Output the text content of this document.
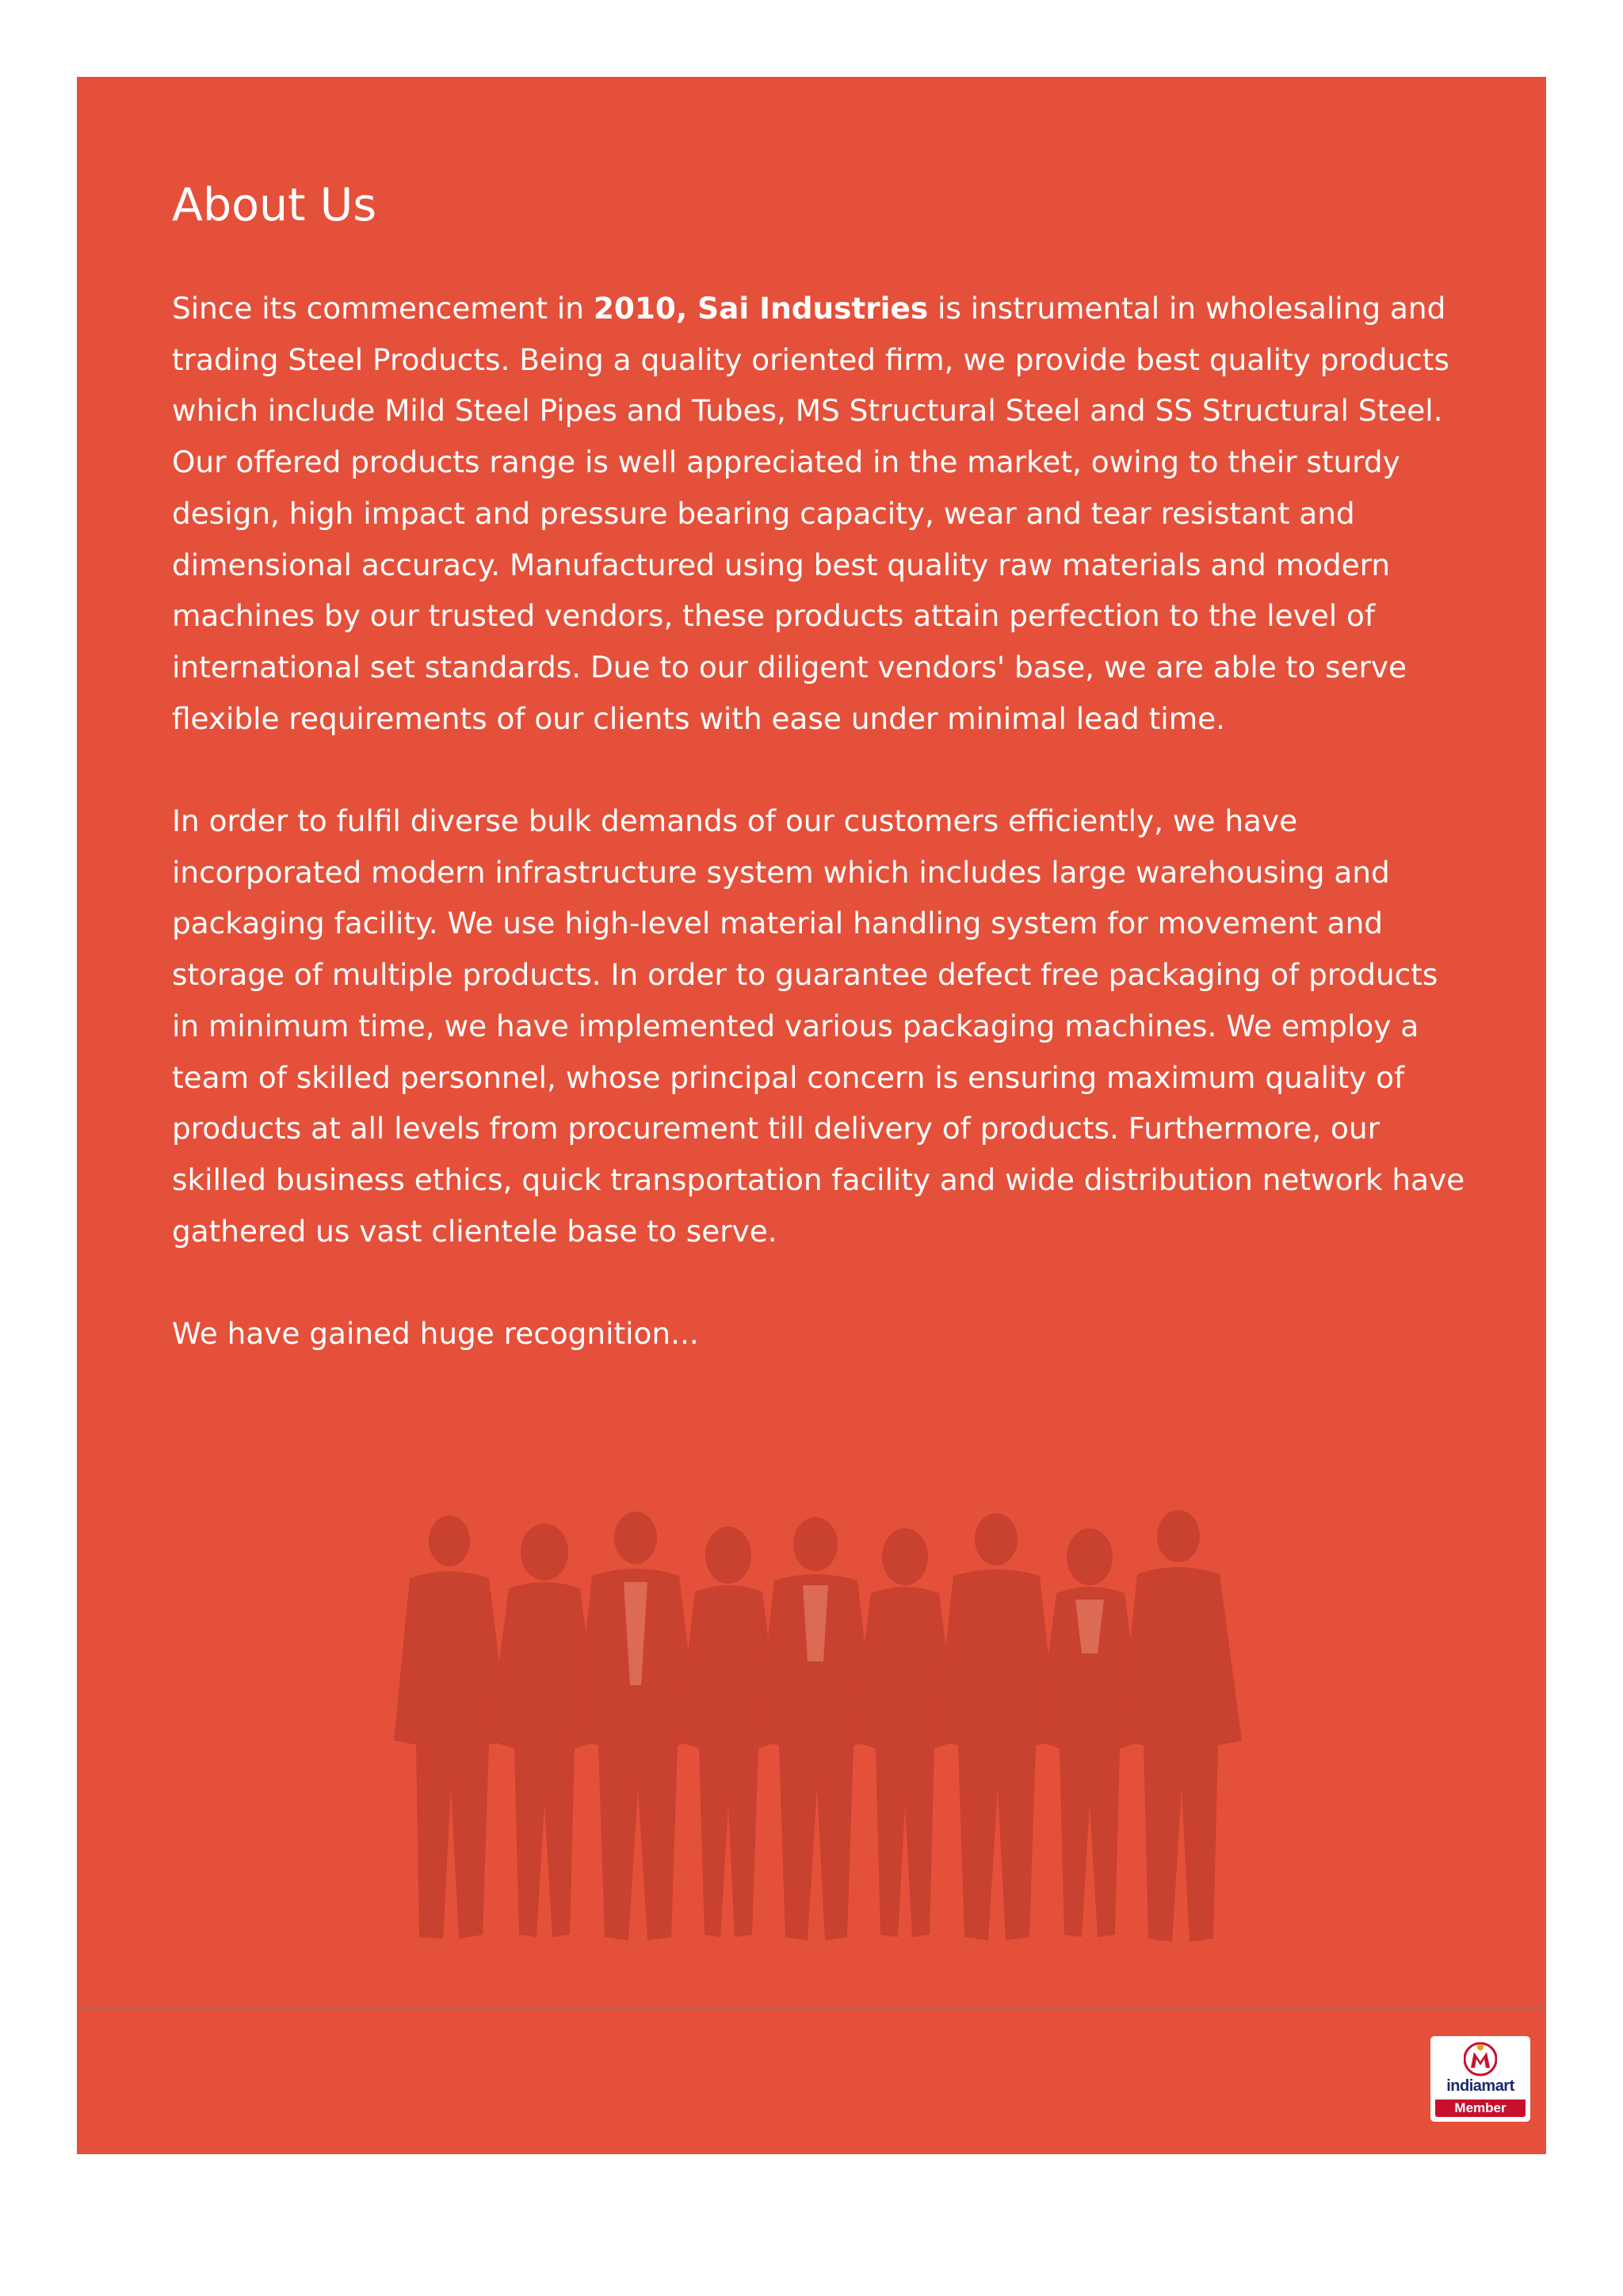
About Us

Since its commencement in 2010, Sai Industries is instrumental in wholesaling and trading Steel Products. Being a quality oriented firm, we provide best quality products which include Mild Steel Pipes and Tubes, MS Structural Steel and SS Structural Steel. Our offered products range is well appreciated in the market, owing to their sturdy design, high impact and pressure bearing capacity, wear and tear resistant and dimensional accuracy. Manufactured using best quality raw materials and modern machines by our trusted vendors, these products attain perfection to the level of international set standards. Due to our diligent vendors' base, we are able to serve flexible requirements of our clients with ease under minimal lead time.

In order to fulfil diverse bulk demands of our customers efficiently, we have incorporated modern infrastructure system which includes large warehousing and packaging facility. We use high-level material handling system for movement and storage of multiple products. In order to guarantee defect free packaging of products in minimum time, we have implemented various packaging machines. We employ a team of skilled personnel, whose principal concern is ensuring maximum quality of products at all levels from procurement till delivery of products. Furthermore, our skilled business ethics, quick transportation facility and wide distribution network have gathered us vast clientele base to serve.

We have gained huge recognition...

indiamart
Member
